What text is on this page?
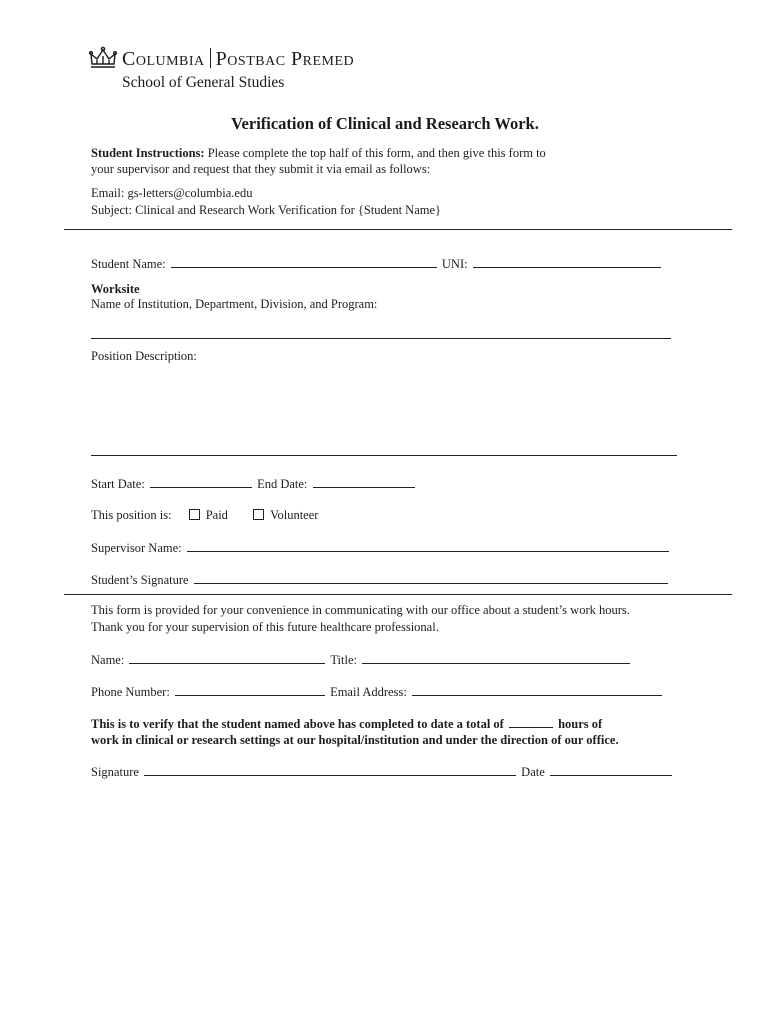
Columbia Postbac Premed
School of General Studies
Verification of Clinical and Research Work.
Student Instructions: Please complete the top half of this form, and then give this form to
your supervisor and request that they submit it via email as follows:
Email: gs-letters@columbia.edu
Subject: Clinical and Research Work Verification for {Student Name}
Student Name:	UNI:
Worksite
Name of Institution, Department, Division, and Program:
Position Description:
Start Date:	End Date:
This position is:	Paid	Volunteer
Supervisor Name:
Student’s Signature
This form is provided for your convenience in communicating with our office about a student’s work hours.
Thank you for your supervision of this future healthcare professional.
Name:	Title:
Phone Number:	Email Address:
This is to verify that the student named above has completed to date a total of	hours of
work in clinical or research settings at our hospital/institution and under the direction of our office.
Signature	Date
